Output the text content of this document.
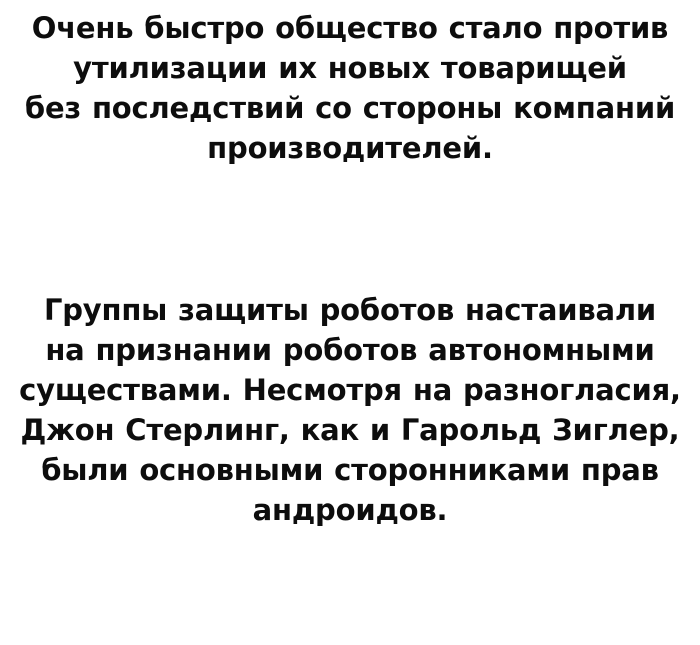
Очень быстро общество стало против
утилизации их новых товарищей
без последствий со стороны компаний
производителей.
Группы защиты роботов настаивали
на признании роботов автономными
существами. Несмотря на разногласия,
Джон Стерлинг, как и Гарольд Зиглер,
были основными сторонниками прав
андроидов.
